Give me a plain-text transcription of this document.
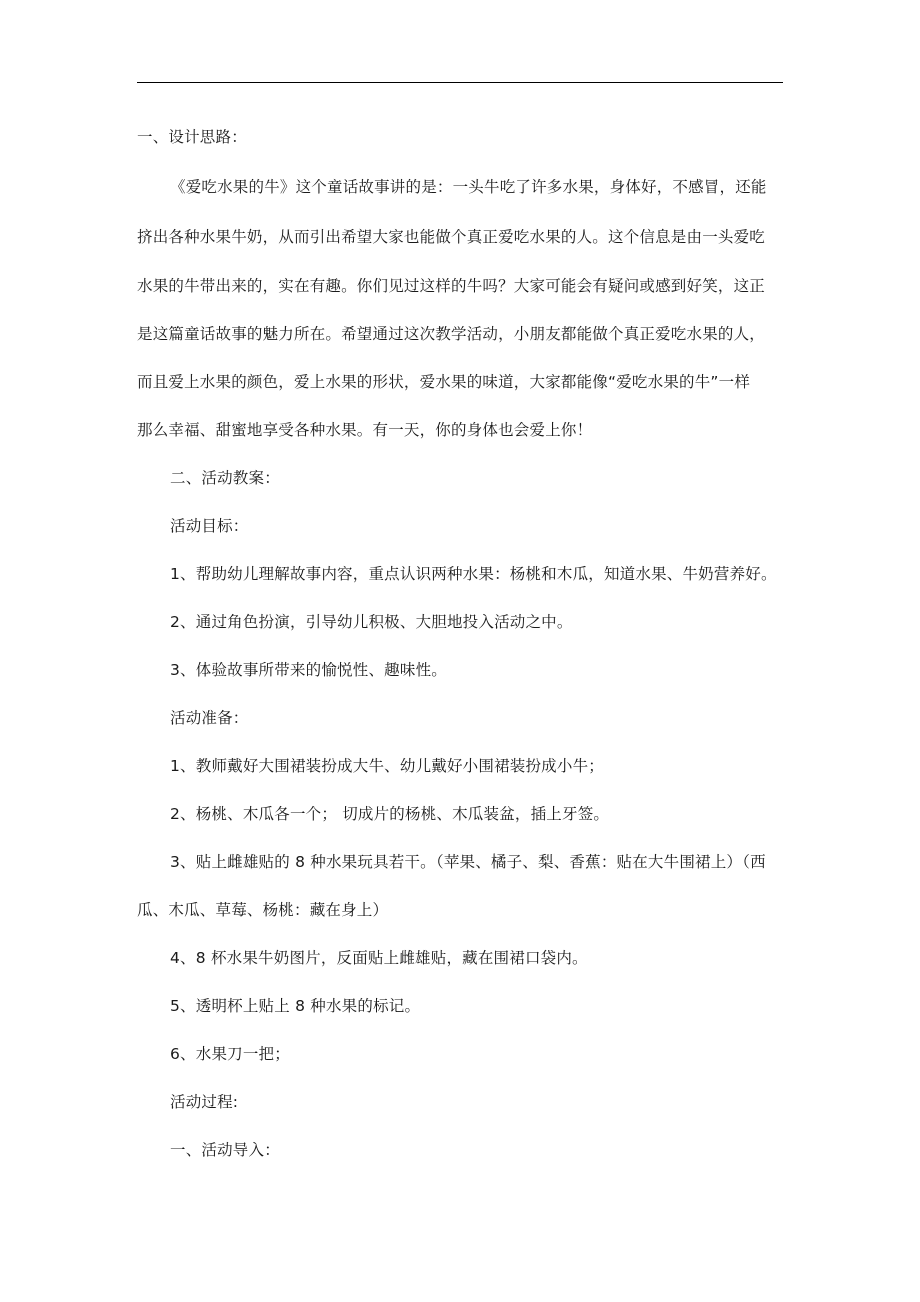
一、设计思路：
《爱吃水果的牛》这个童话故事讲的是：一头牛吃了许多水果，身体好，不感冒，还能
挤出各种水果牛奶，从而引出希望大家也能做个真正爱吃水果的人。这个信息是由一头爱吃
水果的牛带出来的，实在有趣。你们见过这样的牛吗？大家可能会有疑问或感到好笑，这正
是这篇童话故事的魅力所在。希望通过这次教学活动，小朋友都能做个真正爱吃水果的人，
而且爱上水果的颜色，爱上水果的形状，爱水果的味道，大家都能像“爱吃水果的牛”一样
那么幸福、甜蜜地享受各种水果。有一天，你的身体也会爱上你！
二、活动教案：
活动目标：
1、帮助幼儿理解故事内容，重点认识两种水果：杨桃和木瓜，知道水果、牛奶营养好。
2、通过角色扮演，引导幼儿积极、大胆地投入活动之中。
3、体验故事所带来的愉悦性、趣味性。
活动准备：
1、教师戴好大围裙装扮成大牛、幼儿戴好小围裙装扮成小牛；
2、杨桃、木瓜各一个； 切成片的杨桃、木瓜装盆，插上牙签。
3、贴上雌雄贴的 8 种水果玩具若干。（苹果、橘子、梨、香蕉：贴在大牛围裙上）（西
瓜、木瓜、草莓、杨桃：藏在身上）
4、8 杯水果牛奶图片，反面贴上雌雄贴，藏在围裙口袋内。
5、透明杯上贴上 8 种水果的标记。
6、水果刀一把；
活动过程:
一、活动导入：
